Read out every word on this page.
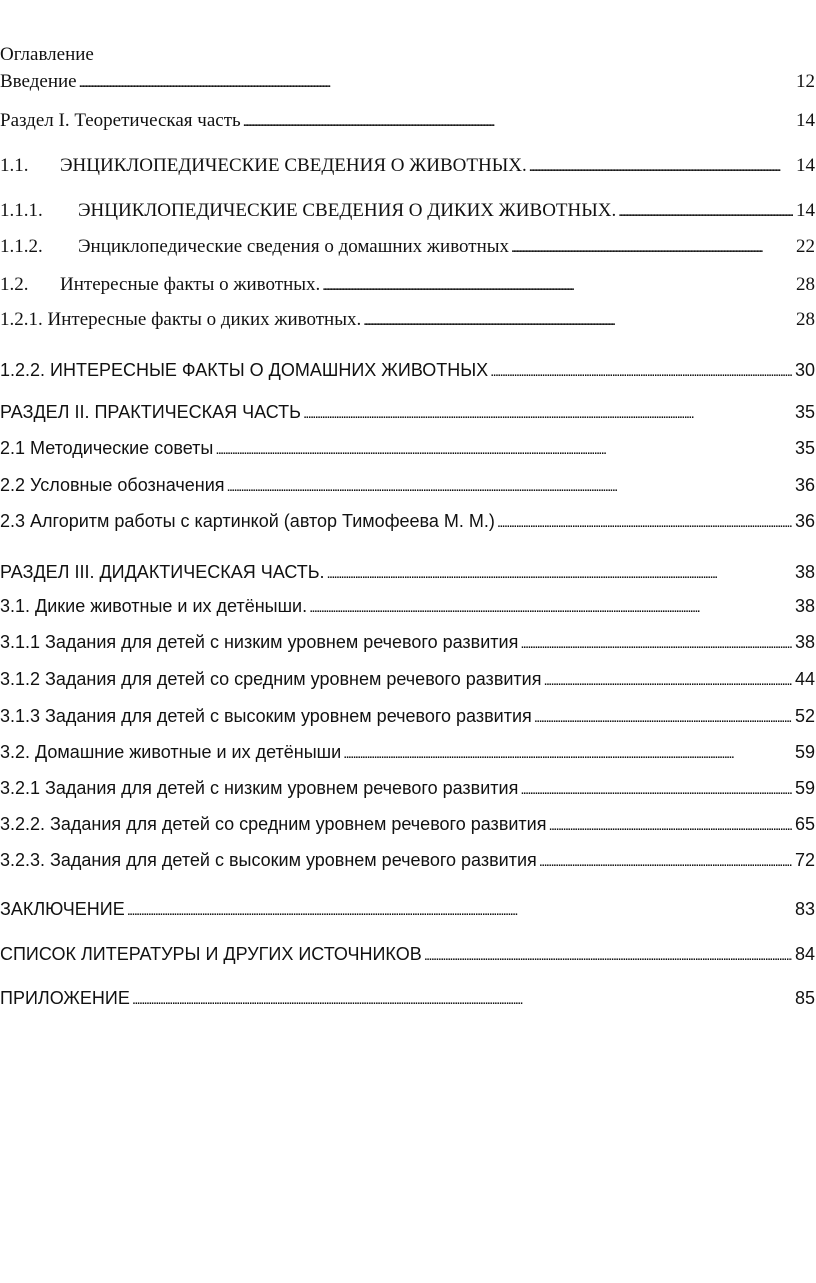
Оглавление
Введение . . .	12
Раздел I. Теоретическая часть . . .	14
1.1.	ЭНЦИКЛОПЕДИЧЕСКИЕ СВЕДЕНИЯ О ЖИВОТНЫХ. . . .	14
1.1.1.	ЭНЦИКЛОПЕДИЧЕСКИЕ СВЕДЕНИЯ О ДИКИХ ЖИВОТНЫХ. . . .	14
1.1.2.	Энциклопедические сведения о домашних животных . . .	22
1.2.	Интересные факты о животных. . . .	28
1.2.1. Интересные факты о диких животных. . . .	28
1.2.2. ИНТЕРЕСНЫЕ ФАКТЫ О ДОМАШНИХ ЖИВОТНЫХ . . .	30
РАЗДЕЛ II. ПРАКТИЧЕСКАЯ ЧАСТЬ . . .	35
2.1 Методические советы . . .	35
2.2 Условные обозначения . . .	36
2.3 Алгоритм работы с картинкой (автор Тимофеева М. М.) . . .	36
РАЗДЕЛ III. ДИДАКТИЧЕСКАЯ ЧАСТЬ. . . .	38
3.1. Дикие животные и их детёныши. . . .	38
3.1.1 Задания для детей с низким уровнем речевого развития . . .	38
3.1.2 Задания для детей со средним уровнем речевого развития . . .	44
3.1.3 Задания для детей с высоким уровнем речевого развития . . .	52
3.2. Домашние животные и их детёныши . . .	59
3.2.1 Задания для детей с низким уровнем речевого развития . . .	59
3.2.2. Задания для детей со средним уровнем речевого развития . . .	65
3.2.3. Задания для детей с высоким уровнем речевого развития . . .	72
ЗАКЛЮЧЕНИЕ . . .	83
СПИСОК ЛИТЕРАТУРЫ И ДРУГИХ ИСТОЧНИКОВ . . .	84
ПРИЛОЖЕНИЕ . . .	85
